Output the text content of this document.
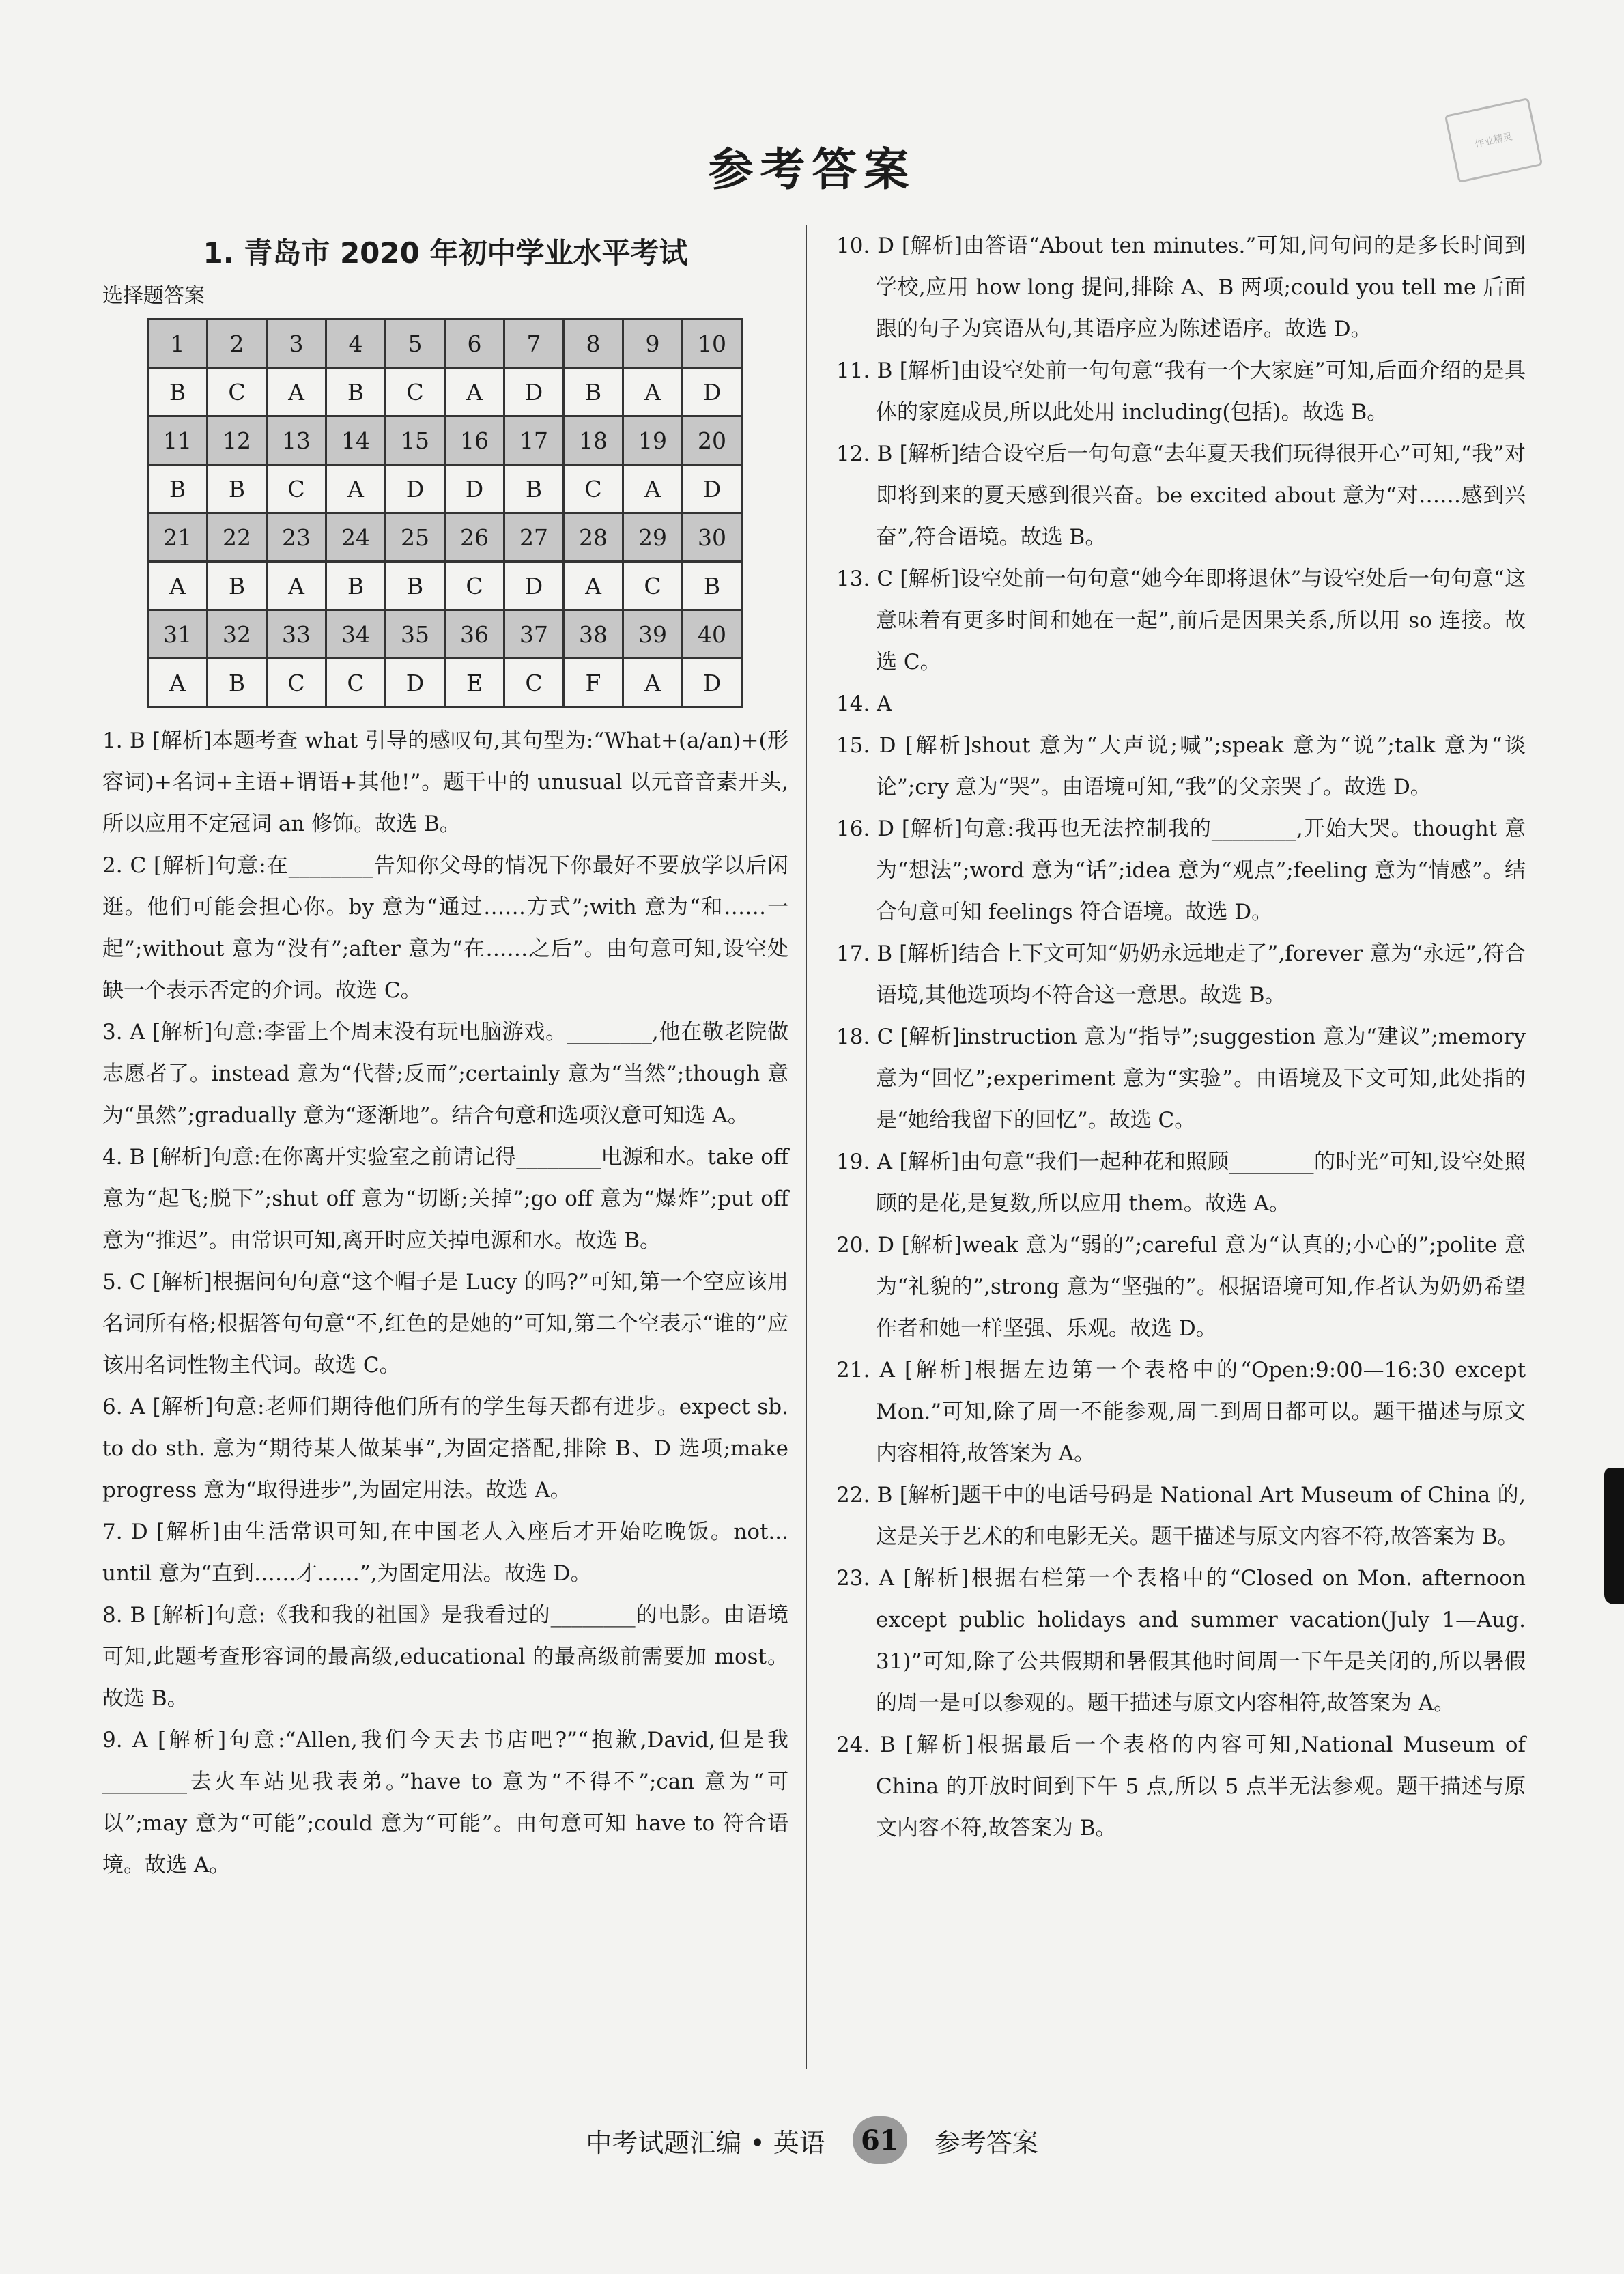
参考答案
作业精灵
1. 青岛市 2020 年初中学业水平考试
选择题答案
1	2	3	4	5	6	7	8	9	10
B	C	A	B	C	A	D	B	A	D
11	12	13	14	15	16	17	18	19	20
B	B	C	A	D	D	B	C	A	D
21	22	23	24	25	26	27	28	29	30
A	B	A	B	B	C	D	A	C	B
31	32	33	34	35	36	37	38	39	40
A	B	C	C	D	E	C	F	A	D

1. B [解析]本题考查 what 引导的感叹句,其句型为:“What+(a/an)+(形容词)+名词+主语+谓语+其他!”。题干中的 unusual 以元音音素开头,所以应用不定冠词 an 修饰。故选 B。

2. C [解析]句意:在________告知你父母的情况下你最好不要放学以后闲逛。他们可能会担心你。by 意为“通过……方式”;with 意为“和……一起”;without 意为“没有”;after 意为“在……之后”。由句意可知,设空处缺一个表示否定的介词。故选 C。

3. A [解析]句意:李雷上个周末没有玩电脑游戏。________,他在敬老院做志愿者了。instead 意为“代替;反而”;certainly 意为“当然”;though 意为“虽然”;gradually 意为“逐渐地”。结合句意和选项汉意可知选 A。

4. B [解析]句意:在你离开实验室之前请记得________电源和水。take off 意为“起飞;脱下”;shut off 意为“切断;关掉”;go off 意为“爆炸”;put off 意为“推迟”。由常识可知,离开时应关掉电源和水。故选 B。

5. C [解析]根据问句句意“这个帽子是 Lucy 的吗?”可知,第一个空应该用名词所有格;根据答句句意“不,红色的是她的”可知,第二个空表示“谁的”应该用名词性物主代词。故选 C。

6. A [解析]句意:老师们期待他们所有的学生每天都有进步。expect sb. to do sth. 意为“期待某人做某事”,为固定搭配,排除 B、D 选项;make progress 意为“取得进步”,为固定用法。故选 A。

7. D [解析]由生活常识可知,在中国老人入座后才开始吃晚饭。not... until 意为“直到……才……”,为固定用法。故选 D。

8. B [解析]句意:《我和我的祖国》是我看过的________的电影。由语境可知,此题考查形容词的最高级,educational 的最高级前需要加 most。故选 B。

9. A [解析]句意:“Allen,我们今天去书店吧?”“抱歉,David,但是我________去火车站见我表弟。”have to 意为“不得不”;can 意为“可以”;may 意为“可能”;could 意为“可能”。由句意可知 have to 符合语境。故选 A。

10. D [解析]由答语“About ten minutes.”可知,问句问的是多长时间到学校,应用 how long 提问,排除 A、B 两项;could you tell me 后面跟的句子为宾语从句,其语序应为陈述语序。故选 D。

11. B [解析]由设空处前一句句意“我有一个大家庭”可知,后面介绍的是具体的家庭成员,所以此处用 including(包括)。故选 B。

12. B [解析]结合设空后一句句意“去年夏天我们玩得很开心”可知,“我”对即将到来的夏天感到很兴奋。be excited about 意为“对……感到兴奋”,符合语境。故选 B。

13. C [解析]设空处前一句句意“她今年即将退休”与设空处后一句句意“这意味着有更多时间和她在一起”,前后是因果关系,所以用 so 连接。故选 C。

14. A

15. D [解析]shout 意为“大声说;喊”;speak 意为“说”;talk 意为“谈论”;cry 意为“哭”。由语境可知,“我”的父亲哭了。故选 D。

16. D [解析]句意:我再也无法控制我的________,开始大哭。thought 意为“想法”;word 意为“话”;idea 意为“观点”;feeling 意为“情感”。结合句意可知 feelings 符合语境。故选 D。

17. B [解析]结合上下文可知“奶奶永远地走了”,forever 意为“永远”,符合语境,其他选项均不符合这一意思。故选 B。

18. C [解析]instruction 意为“指导”;suggestion 意为“建议”;memory 意为“回忆”;experiment 意为“实验”。由语境及下文可知,此处指的是“她给我留下的回忆”。故选 C。

19. A [解析]由句意“我们一起种花和照顾________的时光”可知,设空处照顾的是花,是复数,所以应用 them。故选 A。

20. D [解析]weak 意为“弱的”;careful 意为“认真的;小心的”;polite 意为“礼貌的”,strong 意为“坚强的”。根据语境可知,作者认为奶奶希望作者和她一样坚强、乐观。故选 D。

21. A [解析]根据左边第一个表格中的“Open:9:00—16:30 except Mon.”可知,除了周一不能参观,周二到周日都可以。题干描述与原文内容相符,故答案为 A。

22. B [解析]题干中的电话号码是 National Art Museum of China 的,这是关于艺术的和电影无关。题干描述与原文内容不符,故答案为 B。

23. A [解析]根据右栏第一个表格中的“Closed on Mon. afternoon except public holidays and summer vacation(July 1—Aug. 31)”可知,除了公共假期和暑假其他时间周一下午是关闭的,所以暑假的周一是可以参观的。题干描述与原文内容相符,故答案为 A。

24. B [解析]根据最后一个表格的内容可知,National Museum of China 的开放时间到下午 5 点,所以 5 点半无法参观。题干描述与原文内容不符,故答案为 B。

中考试题汇编 • 英语	61	参考答案
